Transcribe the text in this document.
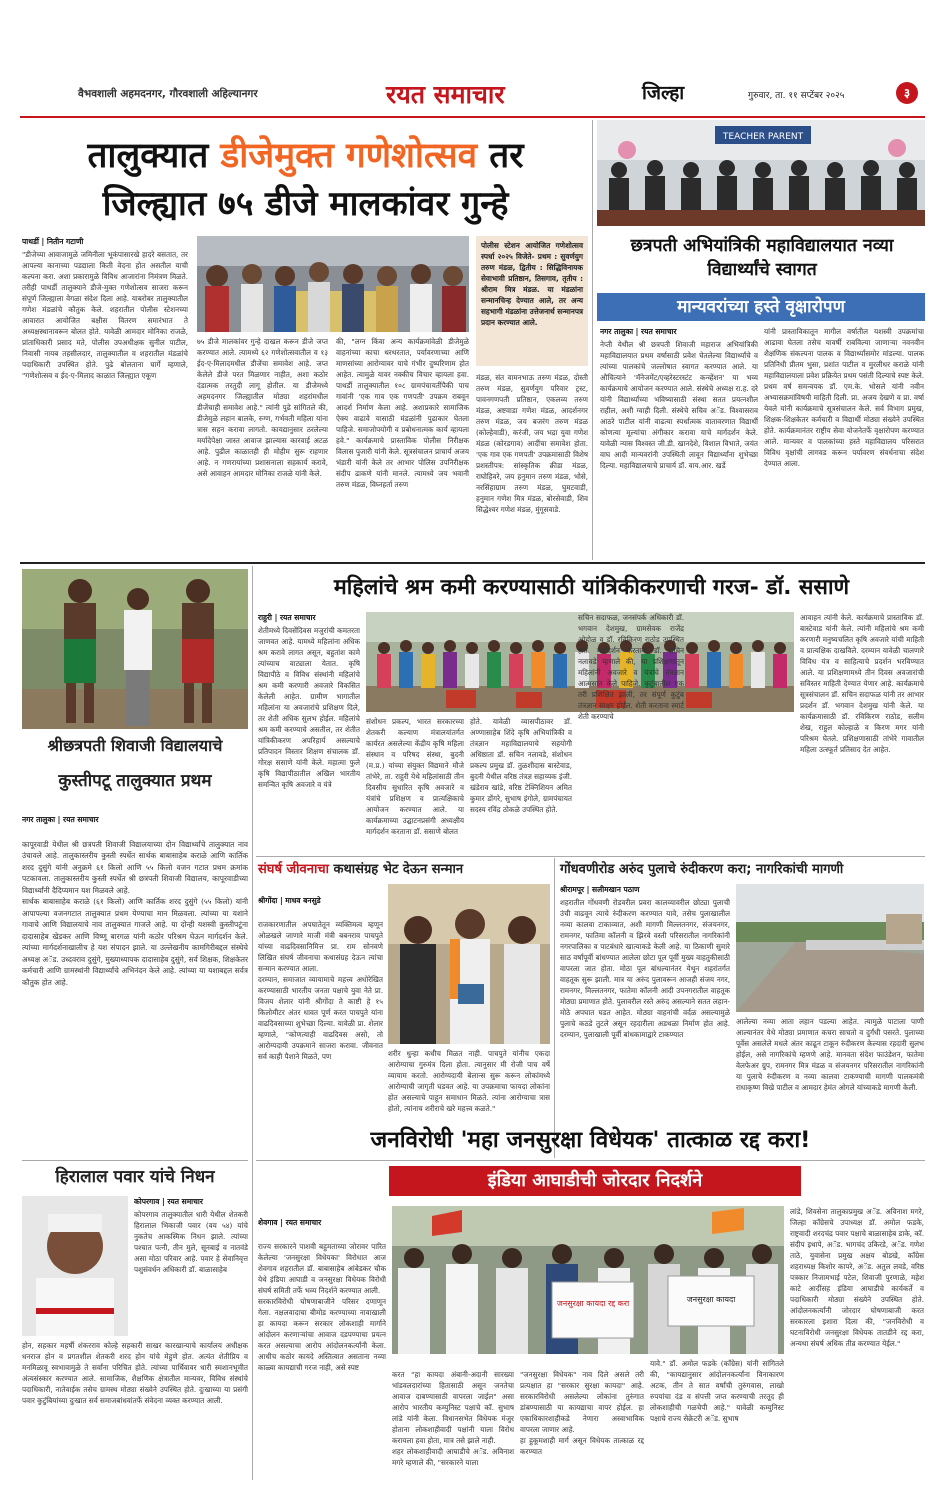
वैभवशाली अहमदनगर, गौरवशाली अहिल्यानगर	रयत समाचार	जिल्हा	गुरुवार, ता. ११ सप्टेंबर २०२५	३
तालुक्यात डीजेमुक्त गणेशोत्सव तर
जिल्ह्यात ७५ डीजे मालकांवर गुन्हे
पाथर्डी | नितीन गटाणी
"डीजेच्या आवाजामुळे जमिनीला भूकंपासारखे हादरे बसतात, तर आपल्या कानाच्या पडद्याला किती वेदना होत असतील याची कल्पना करा. अशा प्रकारामुळे विविध आजारांना निमंत्रण मिळते. तरीही पाथर्डी तालुक्याने डीजे-मुक्त गणेशोत्सव साजरा करून संपूर्ण जिल्ह्याला वेगळा संदेश दिला आहे. याबरोबर तालुक्यातील गणेश मंडळांचे कौतुक केले. शहरातील पोलीस स्टेशनच्या आवारात आयोजित बक्षीस वितरण समारंभात ते अध्यक्षस्थानावरून बोलत होते. यावेळी आमदार मोनिका राजळे, प्रांताधिकारी प्रसाद मते, पोलीस उपअधीक्षक सुनील पाटील, निवासी नायब तहसीलदार, तालुक्यातील व शहरातील मंडळांचे पदाधिकारी उपस्थित होते. पुढे बोलताना घार्गे म्हणाले, "गणेशोत्सव व ईद-ए-मिलाद काळात जिल्ह्यात एकूण
७५ डीजे मालकांवर गुन्हे दाखल करून डीजे जप्त करण्यात आले. त्यामध्ये ६२ गणेशोत्सवातील व १३ ईद-ए-मिलादमधील डीजेंचा समावेश आहे. जप्त केलेले डीजे परत मिळणार नाहीत, अशा कठोर दंडात्मक तरतुदी लागू होतील. या डीजेमध्ये अहमदनगर जिल्ह्यातील मोठ्या शहरांमधील डीजेंचाही समावेश आहे." त्यांनी पुढे सांगितले की, डीजेमुळे लहान बालके, रुग्ण, गर्भवती महिला यांना त्रास सहन करावा लागतो. कायद्यानुसार ठरलेल्या मर्यादेपेक्षा जास्त आवाज झाल्यास कारवाई अटळ आहे. पुढील काळातही ही मोहीम सुरू राहणार आहे. न गणरायांच्या प्रशासनाला सहकार्य करावे, असे आवाहन आमदार मोनिका राजळे यांनी केले.
की, "लग्न किंवा अन्य कार्यक्रमांवेळी डीजेमुळे वाहनांच्या काचा थरथरतात, पर्यावरणाच्या आणि माणसांच्या आरोग्यावर याचे गंभीर दुष्परिणाम होत आहेत. त्यामुळे यावर नक्कीच विचार व्हायला हवा. पाथर्डी तालुक्यातील १०८ ग्रामपंचायतींपैकी पाच गावांनी 'एक गाव एक गणपती' उपक्रम राबवून आदर्श निर्माण केला आहे. अशाप्रकारे सामाजिक ऐक्य वाढावे यासाठी मंडळांनी पुढाकार घेतला पाहिजे. समाजोपयोगी व प्रबोधनात्मक कार्य व्हायला हवे." कार्यक्रमाचे प्रास्ताविक पोलीस निरीक्षक विलास पुजारी यांनी केले. सूत्रसंचालन प्राचार्य अजय भंडारी यांनी केले तर आभार पोलिस उपनिरीक्षक संदीप ढाकणे यांनी मानले. त्यामध्ये जय भवानी तरुण मंडळ, विघ्नहर्ता तरुण
पोलीस स्टेशन आयोजित गणेशोत्सव स्पर्धा २०२५ विजेते- प्रथम : सुवर्णयुग तरुण मंडळ, द्वितीय : सिद्धिविनायक सेवाभावी प्रतिष्ठान, तिसगाव, तृतीय : श्रीराम मित्र मंडळ. या मंडळांना सन्मानचिन्ह देण्यात आले, तर अन्य सहभागी मंडळांना उत्तेजनार्थ सन्मानपत्र प्रदान करण्यात आले.
मंडळ, संत वामनभाऊ तरुण मंडळ, दोस्ती तरुण मंडळ, सुवर्णयुग परिवार ट्रस्ट, पावनगणपती प्रतिष्ठान, एकलव्य तरुण मंडळ, अष्टवाडा गणेश मंडळ, आदर्शनगर तरुण मंडळ, जय बजरंग तरुण मंडळ (कोल्हेवाडी), करंजी, जय भद्रा युवा गणेश मंडळ (कोरडगाव) आदींचा समावेश होता. 'एक गाव एक गणपती' उपक्रमासाठी विशेष प्रशस्तीपत्र: सांस्कृतिक क्रीडा मंडळ, राघोहिवरे, जय हनुमान तरुण मंडळ, भोसे, नरसिंहाग्राम तरुण मंडळ, घुमटवाडी, हनुमान गणेश मित्र मंडळ, बोरसेवाडी, शिव सिद्धेश्वर गणेश मंडळ, मुंगूसवाडे.
TEACHER PARENT
छत्रपती अभियांत्रिकी महाविद्यालयात नव्या विद्यार्थ्यांचे स्वागत
मान्यवरांच्या हस्ते वृक्षारोपण
नगर तालुका | रयत समाचार
नेप्ती येथील श्री छत्रपती शिवाजी महाराज अभियांत्रिकी महाविद्यालयात प्रथम वर्षासाठी प्रवेश घेतलेल्या विद्यार्थ्यांचे व त्यांच्या पालकांचे जल्लोषात स्वागत करण्यात आले. या औचित्याने 'मॅनेजमेंट/एव्हरेस्टरस्टंट कन्व्हेंशन' या भव्य कार्यक्रमाचे आयोजन करण्यात आले. संस्थेचे अध्यक्ष रा.ह. दरे यांनी विद्यार्थ्यांच्या भविष्यासाठी संस्था सतत प्रयत्नशील राहील, अशी ग्वाही दिली. संस्थेचे सचिव अॅड. विश्वासराव आठरे पाटील यांनी वाढत्या स्पर्धात्मक वातावरणात विद्यार्थी कोणत्या मूल्यांचा अंगीकार करावा याचे मार्गदर्शन केले. यावेळी न्यास विश्वस्त जी.डी. खानदेशे, विशाल विभाते, जयंत वाघ आदी मान्यवरांनी उपस्थिती लावून विद्यार्थ्यांना शुभेच्छा दिल्या. महाविद्यालयाचे प्राचार्य डॉ. वाय.आर. खर्डे
यांनी प्रास्ताविकातून मागील वर्षातील यशस्वी उपक्रमांचा आढावा घेतला तसेच यावर्षी राबविल्या जाणाऱ्या नवनवीन शैक्षणिक संकल्पना पालक व विद्यार्थ्यांसमोर मांडल्या. पालक प्रतिनिधी प्रीतम भुसा, प्रशांत पाटील व मुरलीधर कराळे यांनी महाविद्यालयाला प्रवेश प्रक्रियेत प्रथम पसंती दिल्याचे स्पष्ट केले. प्रथम वर्ष समन्वयक डॉ. एम.के. भोसले यांनी नवीन अभ्यासक्रमांविषयी माहिती दिली. प्रा. अजय देखणे व प्रा. वर्षा येवले यांनी कार्यक्रमाचे सूत्रसंचालन केले. सर्व विभाग प्रमुख, शिक्षक-शिक्षकेतर कर्मचारी व विद्यार्थी मोठ्या संख्येने उपस्थित होते. कार्यक्रमानंतर राष्ट्रीय सेवा योजनेतर्फे वृक्षारोपण करण्यात आले. मान्यवर व पालकांच्या हस्ते महाविद्यालय परिसरात विविध वृक्षांची लागवड करून पर्यावरण संवर्धनाचा संदेश देण्यात आला.
श्रीछत्रपती शिवाजी विद्यालयाचे
कुस्तीपटू तालुक्यात प्रथम

नगर तालुका | रयत समाचार

कापूरवाडी येथील श्री छत्रपती शिवाजी विद्यालयाच्या दोन विद्यार्थ्यांचे तालुक्यात नाव उंचावले आहे. तालुकास्तरीय कुस्ती स्पर्धेत सार्थक बाबासाहेब कराळे आणि कार्तिक शरद दुसुंगे यांनी अनुक्रमे ६१ किलो आणि ५५ किलो वजन गटात प्रथम क्रमांक पटकावला. तालुकास्तरीय कुस्ती स्पर्धेत श्री छत्रपती शिवाजी विद्यालय, कापूरवाडीच्या विद्यार्थ्यांनी दैदिप्यमान यश मिळवले आहे.
सार्थक बाबासाहेब कराळे (६१ किलो) आणि कार्तिक शरद दुसुंगे (५५ किलो) यांनी आपापल्या वजनगटात तालुक्यात प्रथम येण्याचा मान मिळवला. त्यांच्या या यशाने गावाचे आणि विद्यालयाचे नाव तालुक्यात गाजले आहे. या दोन्ही यशस्वी कुस्तीपटूंना दादासाहेब खेडकर आणि विष्णू बारगळ यांनी कठोर परिश्रम घेऊन मार्गदर्शन केले. त्यांच्या मार्गदर्शनाखालीच हे यश संपादन झाले. या उल्लेखनीय कामगिरीबद्दल संस्थेचे अध्यक्ष अॅड. उध्दवराव दुसुंगे, मुख्याध्यापक दादासाहेब दुसुंगे, सर्व शिक्षक, शिक्षकेतर कर्मचारी आणि ग्रामस्थांनी विद्यार्थ्यांचे अभिनंदन केले आहे. त्यांच्या या यशाबद्दल सर्वत्र कौतुक होत आहे.

महिलांचे श्रम कमी करण्यासाठी यांत्रिकीकरणाची गरज- डॉ. ससाणे
राहुरी | रयत समाचार
शेतीमध्ये दिवसेंदिवस मजुरांची कमतरता जाणवत आहे. यामध्ये महिलांना अधिक श्रम करावे लागत असून, बहुतांश कामे त्यांच्याच वाट्याला येतात. कृषि विद्यापीठे व विविध संस्थांनी महिलांचे श्रम कमी करणारी अवजारे विकसित केलेली आहेत. ग्रामीण भागातील महिलांना या अवजारांचे प्रशिक्षण दिले, तर शेती अधिक सुलभ होईल. महिलांचे श्रम कमी करण्याचे असतील, तर शेतीत यांत्रिकीकरण अपरिहार्य असल्याचे प्रतिपादन विस्तार शिक्षण संचालक डॉ. गोरक्ष ससाणे यांनी केले. महात्मा फुले कृषि विद्यापीठातील अखिल भारतीय समन्वित कृषि अवजारे व यंत्रे
संशोधन प्रकल्प, भारत सरकारच्या शेतकरी कल्याण मंत्रालयांतर्गत कार्यरत असलेल्या केंद्रीय कृषि महिला संस्थान व परिषद संस्था, बुदनी (म.प्र.) यांच्या संयुक्त विद्यमाने मौजे तांभेरे, ता. राहुरी येथे महिलांसाठी तीन दिवसीय सुधारित कृषि अवजारे व यंत्रांचे प्रशिक्षण व प्रात्यक्षिकाचे आयोजन करण्यात आले. या कार्यक्रमाच्या उद्घाटनप्रसंगी अध्यक्षीय मार्गदर्शन करताना डॉ. ससाणे बोलत
होते. यावेळी व्यासपीठावर डॉ. अण्णासाहेब शिंदे कृषि अभियांत्रिकी व तंत्रज्ञान महाविद्यालयाचे सहयोगी अधिष्ठाता डॉ. सचिन नलावडे, संशोधन प्रकल्प प्रमुख डॉ. तुळशीदास बास्टेवाड, बुदनी येथील वरिष्ठ तंत्रज्ञ सहाय्यक इंजी. खंडेराव खांडे, वरिष्ठ टेक्निशियन अमित कुमार डोंगरे, सुभाष इंगोले, ग्रामपंचायत सदस्य रविंद्र ठोकळे उपस्थित होते.
सचिन सदाफळ, जनसंपर्क अधिकारी डॉ. भगवान देशमुख, ग्रामसेवक राजेंद्र ओहोळ व डॉ. रविकिरण राठोड उपस्थित होते. मार्गदर्शन करताना डॉ. सचिन नलावडे म्हणाले की, या प्रशिक्षणातून महिलांनी अवजारे व यंत्रांचे तंत्रज्ञान आत्मसात केले पाहिजे. कुटुंबातील एक तरी प्रशिक्षित झाली, तर संपूर्ण कुटुंब तंत्रज्ञान साक्षर होईल. शेती करताना स्मार्ट शेती करण्याचे
आवाहन त्यांनी केले. कार्यक्रमाचे प्रास्ताविक डॉ. बास्टेवाड यांनी केले. त्यांनी महिलांचे श्रम कमी करणारी मनुष्यचलित कृषि अवजारे यांची माहिती व प्रात्यक्षिक दाखविले. दरम्यान यावेळी चालणारे विविध यंत्र व साहित्याचे प्रदर्शन भरविण्यात आले. या प्रशिक्षणामध्ये तीन दिवस अवजारांची सविस्तर माहिती देण्यात येणार आहे. कार्यक्रमाचे सूत्रसंचालन डॉ. सचिन सदाफळ यांनी तर आभार प्रदर्शन डॉ. भगवान देशमुख यांनी केले. या कार्यक्रमासाठी डॉ. रविकिरण राठोड, सलीम शेख, राहुल कोल्हाळे व किरण मगर यांनी परिश्रम घेतले. प्रशिक्षणासाठी तांभेरे गावातील महिला उत्स्फूर्त प्रतिसाद देत आहेत.
संघर्ष जीवनाचा कथासंग्रह भेट देऊन सन्मान

श्रीगोंदा | माधव बनसुडे

राजकारणातील अपघातेतून व्यक्तिमत्व म्हणून ओळखले जाणारे माजी मंत्री बबनराव पाचपुते यांच्या वाढदिवसानिमित्त प्रा. राम सोनवणे लिखित संघर्ष जीवनाचा कथासंग्रह देऊन त्यांचा सन्मान करण्यात आला.
दरम्यान, समाजात व्यायामाचे महत्त्व अधोरेखित करण्यासाठी भारतीय जनता पक्षाचे युवा नेते प्रा. विजय शेलार यांनी श्रीगोंदा ते काष्टी हे १५ किलोमीटर अंतर धावत पूर्ण करत पाचपुते यांना वाढदिवसाच्या शुभेच्छा दिल्या. यावेळी प्रा. शेलार म्हणाले, "कोणत्याही वाढदिवस असो, तो आरोग्यदायी उपक्रमाने साजरा करावा. जीवनात सर्व काही पैशाने मिळते, पण	शरीर धुन्हा कधीच मिळत नाही. पाचपुते यांनीच एकदा आरोग्याचा गुरुमंत्र दिला होता. त्यानुसार मी रोजी पाच वर्षे व्यायाम करतो. आरोग्यदायी बेलान्स सुरू करून लोकांमध्ये आरोग्याची जागृती घडवत आहे. या उपक्रमाचा फायदा लोकांना होत असल्याचे पाहून समाधान मिळते. त्यांना आरोग्याचा त्रास होतो, त्यांनाच शरीराचे खरे महत्त्व कळते."
गोंधवणीरोड अरुंद पुलाचे रुंदीकरण करा; नागरिकांची मागणी
श्रीरामपूर | सलीमखान पठाण
शहरातील गोंधवणी रोडवरील प्रवरा कालव्यावरील छोट्या पुलाची उंची वाढवून त्याचे रुंदीकरण करण्यात यावे, तसेच पुलाखालील नव्या कालवा टाकाव्यात, अशी मागणी मिल्लतनगर, संजयनगर, रामनगर, फातिमा कॉलनी व झिरवे वस्ती परिसरातील नागरिकांनी नगरपालिका व पाटबंधारे खात्याकडे केली आहे. या ठिकाणी सुमारे साठ वर्षांपूर्वी बांधण्यात आलेला छोटा पूल पूर्वी मुख्य वाहतुकीसाठी वापरला जात होता. मोठा पूल बांधल्यानंतर येथून शहरांतर्गत वाहतूक सुरू झाली. मात्र या अरुंद पुलावरून आजही संजय नगर, रामनगर, मिल्लतनगर, फातेमा कॉलनी आदी उपनगरातील वाहतूक मोठ्या प्रमाणात होते. पुलावरील रस्ते अरुंद असल्याने सतत लहान-मोठे अपघात घडत आहेत. मोठ्या वाहनांची वर्दळ असल्यामुळे पुलाचे कठडे तुटले असून रहदारीला अडथळा निर्माण होत आहे. दरम्यान, पुलाखाली पूर्वी बांधकामाद्वारे टाकण्यात
आलेल्या नव्या आता लहान पडल्या आहेत. त्यामुळे पाटाला पाणी आल्यानंतर येथे मोठ्या प्रमाणात कचरा साचतो व दुर्गंधी पसरते. पुलाच्या पूर्वेस असलेले मधले अंतर काढून टाकून रुंदीकरण केल्यास रहदारी सुलभ होईल, असे नागरिकांचे म्हणणे आहे. मानवता संदेश फाउंडेशन, फातेमा वेलफेअर ग्रुप, रामनगर मित्र मंडळ व संजयनगर परिसरातील नागरिकांनी या पुलाचे रुंदीकरण व नव्या कालवा टाकण्याची मागणी पालकमंत्री राधाकृष्ण विखे पाटील व आमदार हेमंत ओगले यांच्याकडे मागणी केली.
हिरालाल पवार यांचे निधन
कोपरगाव | रयत समाचार
कोपरगाव तालुक्यातील धारी येथील शेतकरी हिरालाल भिकाजी पवार (वय ५४) यांचे नुकतेच आकस्मिक निधन झाले. त्यांच्या पश्चात पत्नी, तीन मुले, सूनबाई व नातवंडे असा मोठा परिवार आहे. पवार हे सेवानिवृत्त पशुसंवर्धन अधिकारी डॉ. बाळासाहेब
होन, सहकार महर्षी शंकरराव कोल्हे सहकारी साखर कारखान्याचे कार्यालय अधीक्षक धनराज होन व प्रगतशील शेतकरी शरद होन यांचे मेहुणे होत. अत्यंत शेतीप्रिय व मनमिळावू स्वभावामुळे ते सर्वांना परिचित होते. त्यांच्या पार्थिवावर धारी स्मशानभूमीत अंत्यसंस्कार करण्यात आले. सामाजिक, शैक्षणिक क्षेत्रातील मान्यवर, विविध संस्थांचे पदाधिकारी, नातेवाईक तसेच ग्रामस्थ मोठ्या संख्येने उपस्थित होते. दुःखाच्या या प्रसंगी पवार कुटुंबियांच्या दुःखात सर्व समाजबांधवांतर्फे संवेदना व्यक्त करण्यात आली.
जनविरोधी 'महा जनसुरक्षा विधेयक' तात्काळ रद्द करा!
इंडिया आघाडीची जोरदार निदर्शने

शेवगाव | रयत समाचार

राज्य सरकारने पाशवी बहुमताच्या जोरावर पारित केलेल्या 'जनसुरक्षा विधेयका' विरोधात आज शेवगाव शहरातील डॉ. बाबासाहेब आंबेडकर चौक येथे इंडिया आघाडी व जनसुरक्षा विधेयक विरोधी संघर्ष समिती तर्फे भव्य निदर्शने करण्यात आली.
सरकारविरोधी घोषणाबाजीने परिसर दणाणून गेला. नक्षलवादाचा बीमोड करण्याच्या नावाखाली हा कायदा करून सरकार लोकशाही मार्गाने आंदोलन करणाऱ्यांचा आवाज दडपण्याचा प्रयत्न करत असल्याचा आरोप आंदोलनकर्त्यांनी केला. आधीच कठोर कायदे अस्तित्वात असताना नव्या काळ्या कायद्याची गरज नाही, असे स्पष्ट

जनसुरक्षा कायदा रद्द करा	जनसुरक्षा कायदा

करत "हा कायदा अंबानी-अदानी सारख्या भांडवलदारांच्या हितासाठी असून जनतेचा आवाज दाबण्यासाठी वापरला जाईल" असा आरोप भारतीय कम्युनिस्ट पक्षाचे कॉ. सुभाष लांडे यांनी केला. विधानसभेत विधेयक मंजुर होताना लोकशाहीवादी पक्षांनी याला विरोध करायला हवा होता, मात्र तसे झाले नाही.
शहर लोकशाहीवादी आघाडीचे अॅड. अविनाश मगरे म्हणाले की, "सरकारने याला

"जनसुरक्षा विधेयक" नाव दिले असले तरी प्रत्यक्षात हा "सरकार सुरक्षा कायदा" आहे. सरकारविरोधी असलेल्या लोकांना तुरुंगात डांबण्यासाठी या कायद्याचा वापर होईल. हा एकाधिकारशाहीकडे नेणारा अस्वाभाविक वापरला जाणार आहे.
हा हुकूमशाही मार्ग असून विधेयक तात्काळ रद्द करण्यात

यावे." डॉ. अमोल फडके (काँग्रेस) यांनी सांगितले की, "कायद्यानुसार आंदोलनकर्त्यांना विनाकारण अटक, तीन ते सात वर्षांची तुरुंगवास, लाखो रुपयांचा दंड व संपत्ती जप्त करण्याची तरतूद ही लोकशाहीची गळचेपी आहे." यावेळी कम्युनिस्ट पक्षाचे राज्य सेक्रेटरी अॅड. सुभाष
लांडे, शिवसेना तालुकाप्रमुख अॅड. अविनाश मगरे, जिल्हा काँग्रेसचे उपाध्यक्ष डॉ. अमोल फडके, राष्ट्रवादी शरदचंद्र पवार पक्षाचे बाळासाहेब डाके, कॉ. संदीप इथापे, अॅड. भागचंद उकिरडे, अॅड. गणेश ताठे, युवासेना प्रमुख अक्षय बोडखे, काँग्रेस शहराध्यक्ष किशोर कापरे, अॅड. अतुल लवडे, वरिष्ठ पत्रकार निजामभाई पटेल, शिवाजी पुरणाळे, महेश काटे आदींसह इंडिया आघाडीचे कार्यकर्ते व पदाधिकारी मोठ्या संख्येने उपस्थित होते. आंदोलनकर्त्यांनी जोरदार घोषणाबाजी करत सरकारला इशारा दिला की, "जनविरोधी व घटनाविरोधी जनसुरक्षा विधेयक तातडीने रद्द करा, अन्यथा संघर्ष अधिक तीव्र करण्यात येईल."
